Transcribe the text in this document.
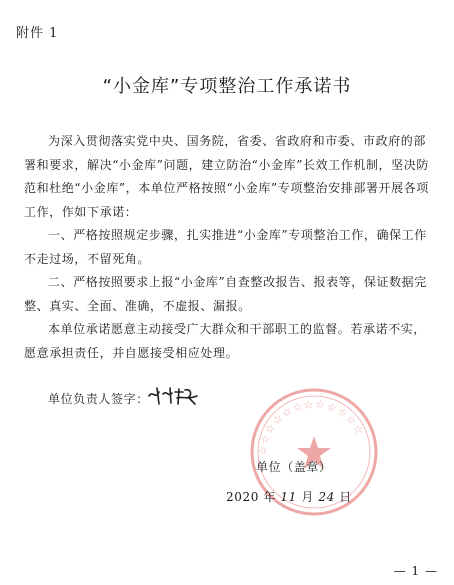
附件 1
“小金库”专项整治工作承诺书

为深入贯彻落实党中央、国务院，省委、省政府和市委、市政府的部署和要求，解决“小金库”问题，建立防治“小金库”长效工作机制，坚决防范和杜绝“小金库”，本单位严格按照“小金库”专项整治安排部署开展各项工作，作如下承诺：

一、严格按照规定步骤，扎实推进“小金库”专项整治工作，确保工作不走过场，不留死角。

二、严格按照要求上报“小金库”自查整改报告、报表等，保证数据完整、真实、全面、准确，不虚报、漏报。

本单位承诺愿意主动接受广大群众和干部职工的监督。若承诺不实，愿意承担责任，并自愿接受相应处理。

单位负责人签字：
☆☆☆☆☆☆☆☆☆☆☆☆
单位（盖章）
2020 年 11 月 24 日
— 1 —
